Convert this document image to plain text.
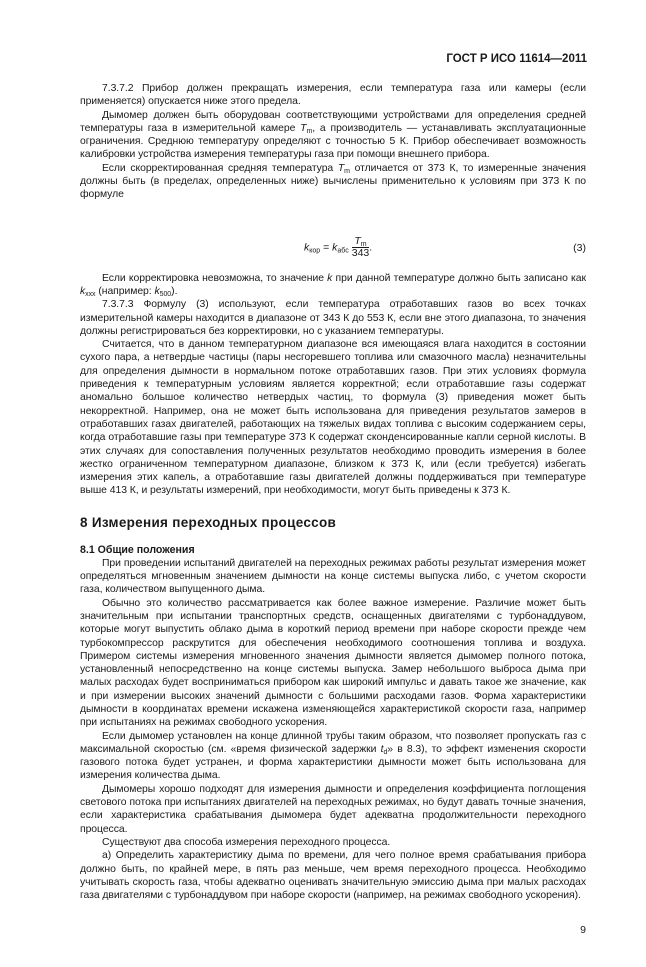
ГОСТ Р ИСО 11614—2011

7.3.7.2 Прибор должен прекращать измерения, если температура газа или камеры (если применяется) опускается ниже этого предела.

Дымомер должен быть оборудован соответствующими устройствами для определения средней температуры газа в измерительной камере $T_m$, а производитель — устанавливать эксплуатационные ограничения. Среднюю температуру определяют с точностью 5 К. Прибор обеспечивает возможность калибровки устройства измерения температуры газа при помощи внешнего прибора.

Если скорректированная средняя температура $T_m$ отличается от 373 К, то измеренные значения должны быть (в пределах, определенных ниже) вычислены применительно к условиям при 373 К по формуле

$k_{кор} = k_{абс} \frac{T_m}{343}$ .	(3)

Если корректировка невозможна, то значение k при данной температуре должно быть записано как $k_{ххх}$ (например: $k_{500}$).

7.3.7.3 Формулу (3) используют, если температура отработавших газов во всех точках измерительной камеры находится в диапазоне от 343 К до 553 К, если вне этого диапазона, то значения должны регистрироваться без корректировки, но с указанием температуры.

Считается, что в данном температурном диапазоне вся имеющаяся влага находится в состоянии сухого пара, а нетвердые частицы (пары несгоревшего топлива или смазочного масла) незначительны для определения дымности в нормальном потоке отработавших газов. При этих условиях формула приведения к температурным условиям является корректной; если отработавшие газы содержат аномально большое количество нетвердых частиц, то формула (3) приведения может быть некорректной. Например, она не может быть использована для приведения результатов замеров в отработавших газах двигателей, работающих на тяжелых видах топлива с высоким содержанием серы, когда отработавшие газы при температуре 373 К содержат сконденсированные капли серной кислоты. В этих случаях для сопоставления полученных результатов необходимо проводить измерения в более жестко ограниченном температурном диапазоне, близком к 373 К, или (если требуется) избегать измерения этих капель, а отработавшие газы двигателей должны поддерживаться при температуре выше 413 К, и результаты измерений, при необходимости, могут быть приведены к 373 К.

8 Измерения переходных процессов
8.1 Общие положения

При проведении испытаний двигателей на переходных режимах работы результат измерения может определяться мгновенным значением дымности на конце системы выпуска либо, с учетом скорости газа, количеством выпущенного дыма.

Обычно это количество рассматривается как более важное измерение. Различие может быть значительным при испытании транспортных средств, оснащенных двигателями с турбонаддувом, которые могут выпустить облако дыма в короткий период времени при наборе скорости прежде чем турбокомпрессор раскрутится для обеспечения необходимого соотношения топлива и воздуха. Примером системы измерения мгновенного значения дымности является дымомер полного потока, установленный непосредственно на конце системы выпуска. Замер небольшого выброса дыма при малых расходах будет восприниматься прибором как широкий импульс и давать такое же значение, как и при измерении высоких значений дымности с большими расходами газов. Форма характеристики дымности в координатах времени искажена изменяющейся характеристикой скорости газа, например при испытаниях на режимах свободного ускорения.

Если дымомер установлен на конце длинной трубы таким образом, что позволяет пропускать газ с максимальной скоростью (см. «время физической задержки $t_d$» в 8.3), то эффект изменения скорости газового потока будет устранен, и форма характеристики дымности может быть использована для измерения количества дыма.

Дымомеры хорошо подходят для измерения дымности и определения коэффициента поглощения светового потока при испытаниях двигателей на переходных режимах, но будут давать точные значения, если характеристика срабатывания дымомера будет адекватна продолжительности переходного процесса.

Существуют два способа измерения переходного процесса.

а) Определить характеристику дыма по времени, для чего полное время срабатывания прибора должно быть, по крайней мере, в пять раз меньше, чем время переходного процесса. Необходимо учитывать скорость газа, чтобы адекватно оценивать значительную эмиссию дыма при малых расходах газа двигателями с турбонаддувом при наборе скорости (например, на режимах свободного ускорения).

9
